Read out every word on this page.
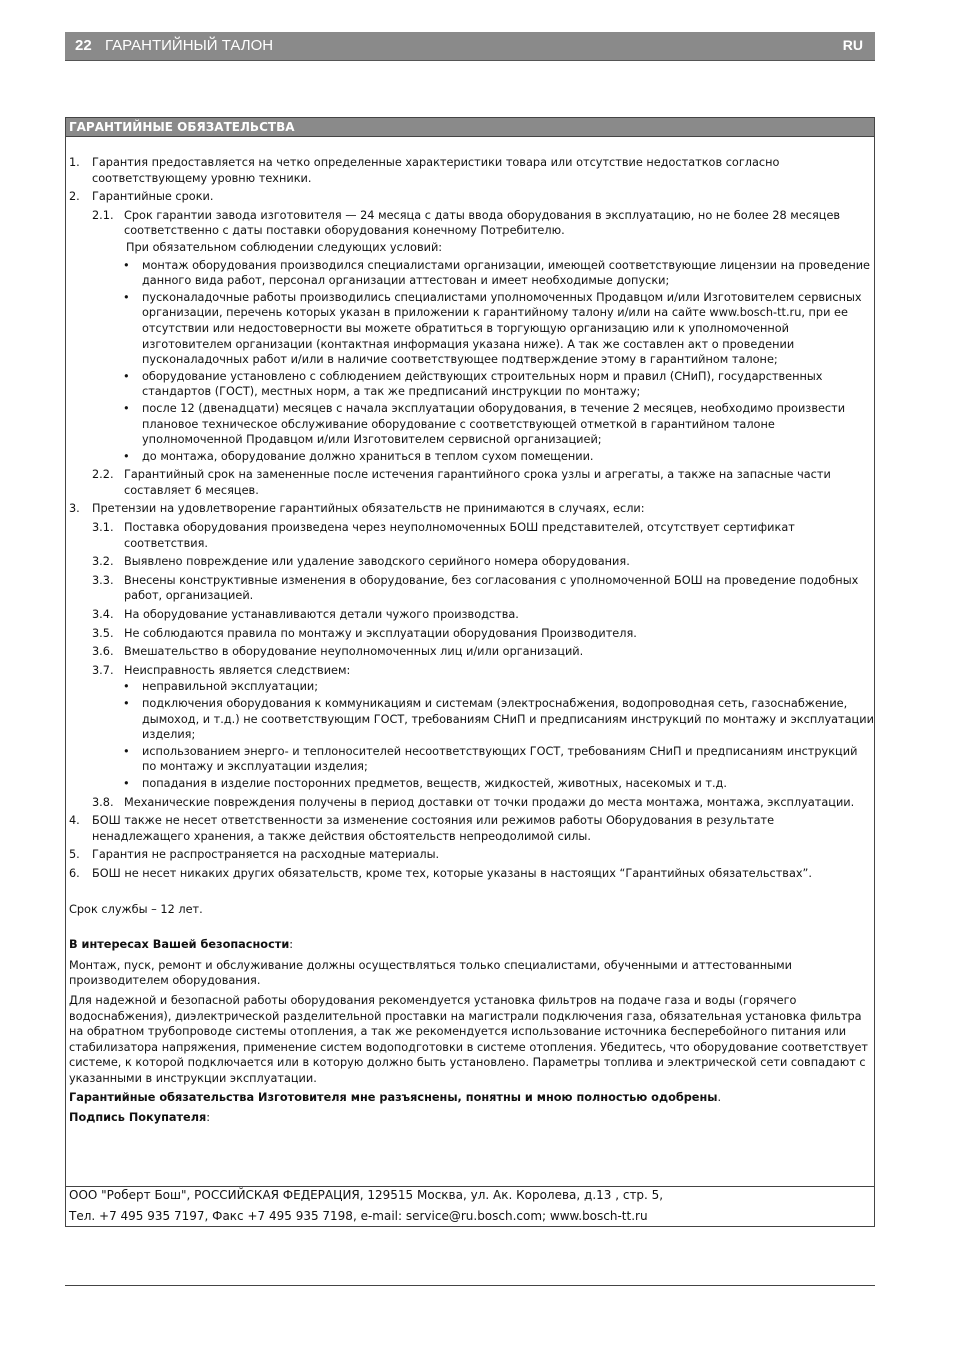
22 ГАРАНТИЙНЫЙ ТАЛОН	RU
ГАРАНТИЙНЫЕ ОБЯЗАТЕЛЬСТВА
1. Гарантия предоставляется на четко определенные характеристики товара или отсутствие недостатков согласно соответствующему уровню техники.
2. Гарантийные сроки.
2.1. Срок гарантии завода изготовителя — 24 месяца с даты ввода оборудования в эксплуатацию, но не более 28 месяцев соответственно с даты поставки оборудования конечному Потребителю.
При обязательном соблюдении следующих условий:
• монтаж оборудования производился специалистами организации, имеющей соответствующие лицензии на проведение данного вида работ, персонал организации аттестован и имеет необходимые допуски;
• пусконаладочные работы производились специалистами уполномоченных Продавцом и/или Изготовителем сервисных организации, перечень которых указан в приложении к гарантийному талону и/или на сайте www.bosch-tt.ru, при ее отсутствии или недостоверности вы можете обратиться в торгующую организацию или к уполномоченной изготовителем организации (контактная информация указана ниже). А так же составлен акт о проведении пусконаладочных работ и/или в наличие соответствующее подтверждение этому в гарантийном талоне;
• оборудование установлено с соблюдением действующих строительных норм и правил (СНиП), государственных стандартов (ГОСТ), местных норм, а так же предписаний инструкции по монтажу;
• после 12 (двенадцати) месяцев с начала эксплуатации оборудования, в течение 2 месяцев, необходимо произвести плановое техническое обслуживание оборудование с соответствующей отметкой в гарантийном талоне уполномоченной Продавцом и/или Изготовителем сервисной организацией;
• до монтажа, оборудование должно храниться в теплом сухом помещении.
2.2. Гарантийный срок на замененные после истечения гарантийного срока узлы и агрегаты, а также на запасные части составляет 6 месяцев.
3. Претензии на удовлетворение гарантийных обязательств не принимаются в случаях, если:
3.1. Поставка оборудования произведена через неуполномоченных БОШ представителей, отсутствует сертификат соответствия.
3.2. Выявлено повреждение или удаление заводского серийного номера оборудования.
3.3. Внесены конструктивные изменения в оборудование, без согласования с уполномоченной БОШ на проведение подобных работ, организацией.
3.4. На оборудование устанавливаются детали чужого производства.
3.5. Не соблюдаются правила по монтажу и эксплуатации оборудования Производителя.
3.6. Вмешательство в оборудование неуполномоченных лиц и/или организаций.
3.7. Неисправность является следствием:
• неправильной эксплуатации;
• подключения оборудования к коммуникациям и системам (электроснабжения, водопроводная сеть, газоснабжение, дымоход, и т.д.) не соответствующим ГОСТ, требованиям СНиП и предписаниям инструкций по монтажу и эксплуатации изделия;
• использованием энерго- и теплоносителей несоответствующих ГОСТ, требованиям СНиП и предписаниям инструкций по монтажу и эксплуатации изделия;
• попадания в изделие посторонних предметов, веществ, жидкостей, животных, насекомых и т.д.
3.8. Механические повреждения получены в период доставки от точки продажи до места монтажа, монтажа, эксплуатации.
4. БОШ также не несет ответственности за изменение состояния или режимов работы Оборудования в результате ненадлежащего хранения, а также действия обстоятельств непреодолимой силы.
5. Гарантия не распространяется на расходные материалы.
6. БОШ не несет никаких других обязательств, кроме тех, которые указаны в настоящих “Гарантийных обязательствах”.
Срок службы – 12 лет.
В интересах Вашей безопасности:
Монтаж, пуск, ремонт и обслуживание должны осуществляться только специалистами, обученными и аттестованными производителем оборудования.
Для надежной и безопасной работы оборудования рекомендуется установка фильтров на подаче газа и воды (горячего водоснабжения), диэлектрической разделительной проставки на магистрали подключения газа, обязательная установка фильтра на обратном трубопроводе системы отопления, а так же рекомендуется использование источника бесперебойного питания или стабилизатора напряжения, применение систем водоподготовки в системе отопления. Убедитесь, что оборудование соответствует системе, к которой подключается или в которую должно быть установлено. Параметры топлива и электрической сети совпадают с указанными в инструкции эксплуатации.
Гарантийные обязательства Изготовителя мне разъяснены, понятны и мною полностью одобрены.
Подпись Покупателя:
ООО "Роберт Бош", РОССИЙСКАЯ ФЕДЕРАЦИЯ, 129515 Москва, ул. Ак. Королева, д.13 , стр. 5,
Тел. +7 495 935 7197, Факс +7 495 935 7198, e-mail: service@ru.bosch.com; www.bosch-tt.ru
